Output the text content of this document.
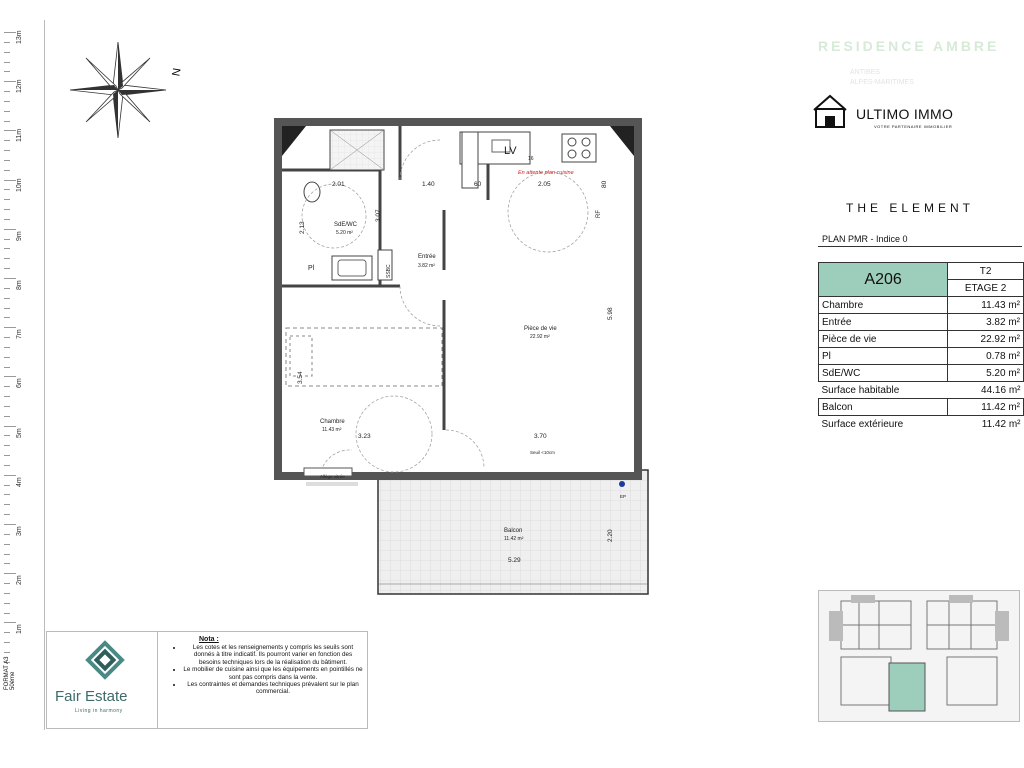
13m
12m
11m
10m
9m
8m
7m
6m
5m
4m
3m
2m
1m
FORMAT A3 50ème
N
RESIDENCE AMBRE
ANTIBES
ALPES-MARITIMES
ULTIMO IMMO
VOTRE PARTENAIRE IMMOBILIER
THE ELEMENT
PLAN PMR - Indice 0
A206	T2
	ETAGE 2
Chambre	11.43 m²
Entrée	3.82 m²
Pièce de vie	22.92 m²
Pl	0.78 m²
SdE/WC	5.20 m²
Surface habitable	44.16 m²
Balcon	11.42 m²
Surface extérieure	11.42 m²
Fair Estate
Living in harmony
Nota :
• Les cotes et les renseignements y compris les seuils sont donnés à titre indicatif. Ils pourront varier en fonction des besoins techniques lors de la réalisation du bâtiment.
• Le mobilier de cuisine ainsi que les équipements en pointillés ne sont pas compris dans la vente.
• Les contraintes et demandes techniques prévalent sur le plan commercial.
SdE/WC
5.20 m²
Entrée
3.82 m²
Pièce de vie
22.92 m²
Chambre
11.43 m²
Balcon
11.42 m²
2.01	1.40	60	2.05
2.13
3.07
5.98
3.54
3.23	3.70
2.20
5.29
80
En attente plan cuisine
LV
16
SSBC
Allège vitrée
Seuil <10cm
EP
Pl
RF
